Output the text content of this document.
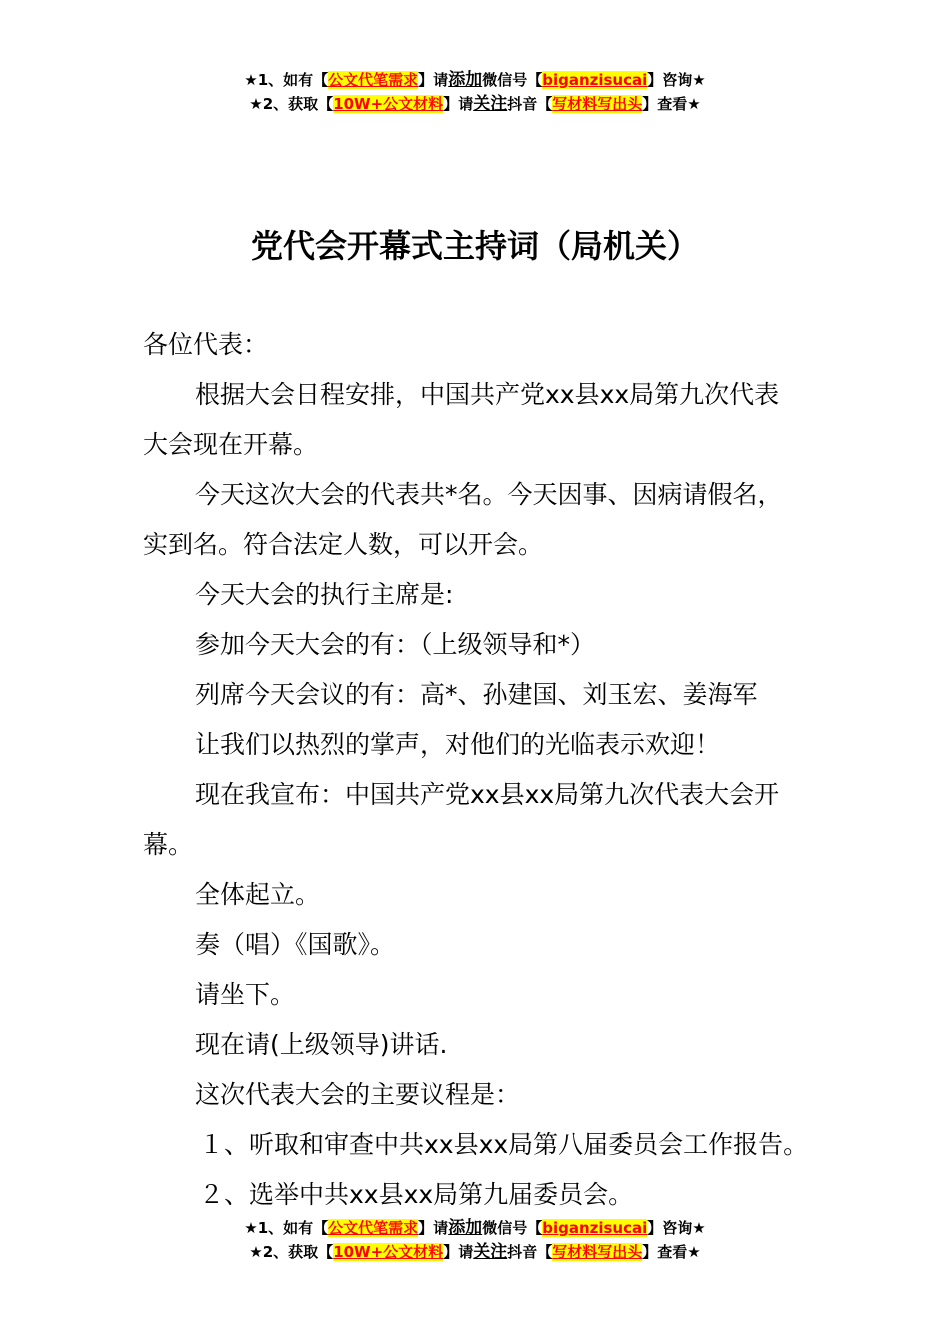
★1、如有【公文代笔需求】请添加微信号【biganzisucai】咨询★
★2、获取【10W+公文材料】请关注抖音【写材料写出头】查看★
党代会开幕式主持词（局机关）

各位代表：

根据大会日程安排，中国共产党xx县xx局第九次代表

大会现在开幕。

今天这次大会的代表共*名。今天因事、因病请假名，

实到名。符合法定人数，可以开会。

今天大会的执行主席是:

参加今天大会的有：（上级领导和*）

列席今天会议的有：高*、孙建国、刘玉宏、姜海军

让我们以热烈的掌声，对他们的光临表示欢迎！

现在我宣布：中国共产党xx县xx局第九次代表大会开

幕。

全体起立。

奏（唱）《国歌》。

请坐下。

现在请(上级领导)讲话.

这次代表大会的主要议程是：

１、听取和审查中共xx县xx局第八届委员会工作报告。

２、选举中共xx县xx局第九届委员会。

★1、如有【公文代笔需求】请添加微信号【biganzisucai】咨询★
★2、获取【10W+公文材料】请关注抖音【写材料写出头】查看★
